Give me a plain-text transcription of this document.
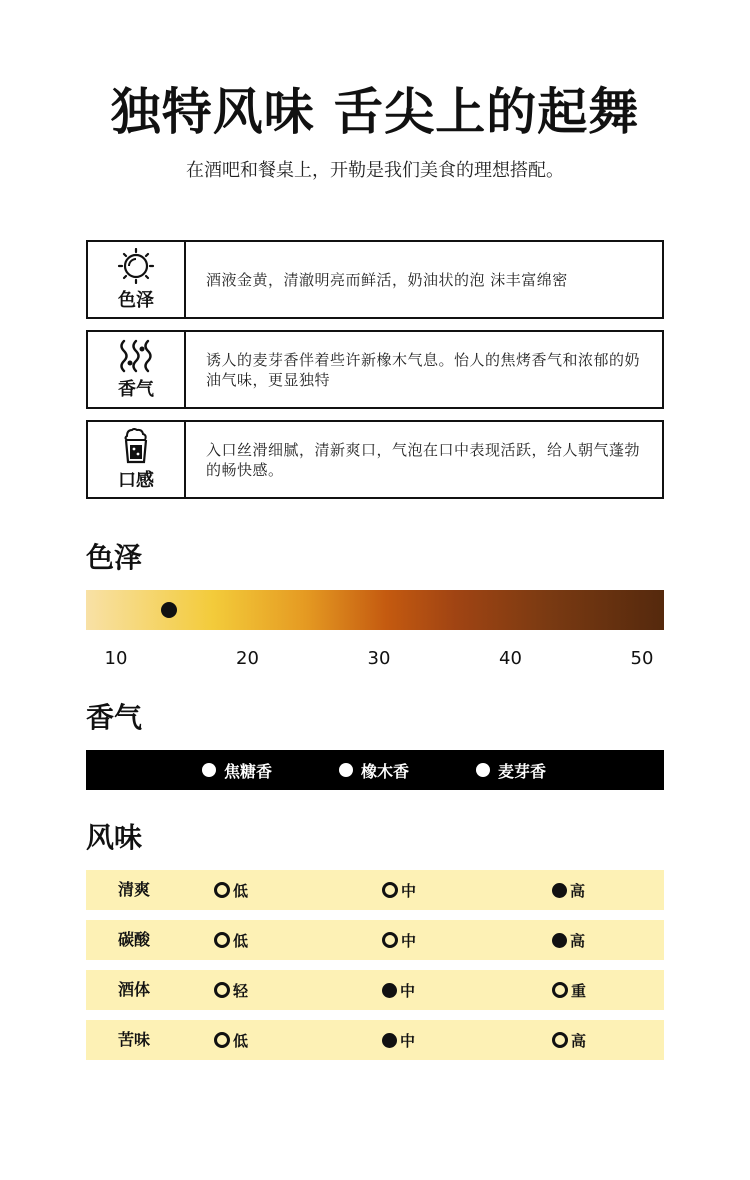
独特风味 舌尖上的起舞
在酒吧和餐桌上，开勒是我们美食的理想搭配。
色泽
酒液金黄，清澈明亮而鲜活，奶油状的泡 沫丰富绵密
香气
诱人的麦芽香伴着些许新橡木气息。怡人的焦烤香气和浓郁的奶油气味，更显独特
口感
入口丝滑细腻，清新爽口，气泡在口中表现活跃，给人朝气蓬勃的畅快感。
色泽
10	20	30	40	50
香气
焦糖香	橡木香	麦芽香
风味
清爽	低	中	高
碳酸	低	中	高
酒体	轻	中	重
苦味	低	中	高
